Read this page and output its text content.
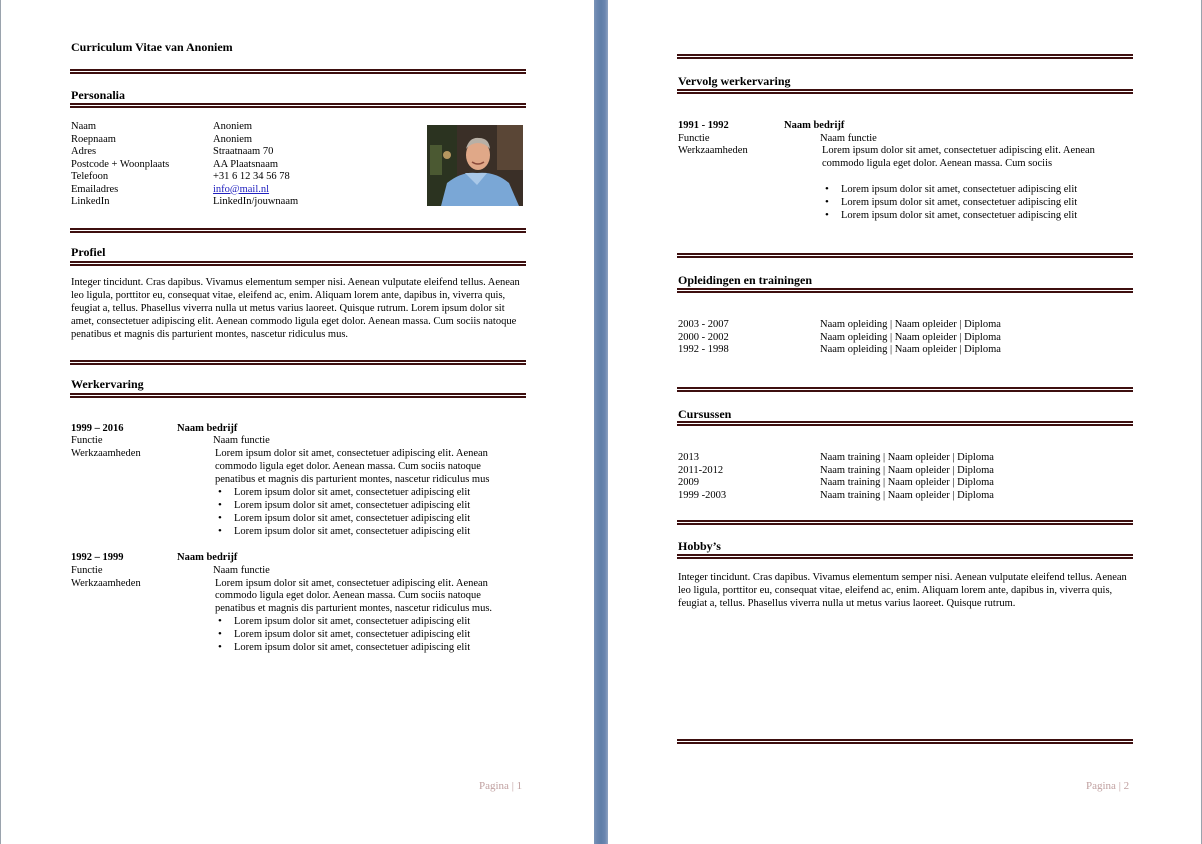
Curriculum Vitae van Anoniem
Personalia
Naam	Anoniem
Roepnaam	Anoniem
Adres	Straatnaam 70
Postcode + Woonplaats	AA Plaatsnaam
Telefoon	+31 6 12 34 56 78
Emailadres	info@mail.nl
LinkedIn	LinkedIn/jouwnaam
Profiel
Integer tincidunt. Cras dapibus. Vivamus elementum semper nisi. Aenean vulputate eleifend tellus. Aenean leo ligula, porttitor eu, consequat vitae, eleifend ac, enim. Aliquam lorem ante, dapibus in, viverra quis, feugiat a, tellus. Phasellus viverra nulla ut metus varius laoreet. Quisque rutrum. Lorem ipsum dolor sit amet, consectetuer adipiscing elit. Aenean commodo ligula eget dolor. Aenean massa. Cum sociis natoque penatibus et magnis dis parturient montes, nascetur ridiculus mus.
Werkervaring
1999 – 2016	Naam bedrijf
Functie	Naam functie
Werkzaamheden	Lorem ipsum dolor sit amet, consectetuer adipiscing elit. Aenean commodo ligula eget dolor. Aenean massa. Cum sociis natoque penatibus et magnis dis parturient montes, nascetur ridiculus mus
• Lorem ipsum dolor sit amet, consectetuer adipiscing elit
• Lorem ipsum dolor sit amet, consectetuer adipiscing elit
• Lorem ipsum dolor sit amet, consectetuer adipiscing elit
• Lorem ipsum dolor sit amet, consectetuer adipiscing elit
1992 – 1999	Naam bedrijf
Functie	Naam functie
Werkzaamheden	Lorem ipsum dolor sit amet, consectetuer adipiscing elit. Aenean commodo ligula eget dolor. Aenean massa. Cum sociis natoque penatibus et magnis dis parturient montes, nascetur ridiculus mus.
• Lorem ipsum dolor sit amet, consectetuer adipiscing elit
• Lorem ipsum dolor sit amet, consectetuer adipiscing elit
• Lorem ipsum dolor sit amet, consectetuer adipiscing elit
Pagina | 1
Vervolg werkervaring
1991 - 1992	Naam bedrijf
Functie	Naam functie
Werkzaamheden	Lorem ipsum dolor sit amet, consectetuer adipiscing elit. Aenean commodo ligula eget dolor. Aenean massa. Cum sociis
• Lorem ipsum dolor sit amet, consectetuer adipiscing elit
• Lorem ipsum dolor sit amet, consectetuer adipiscing elit
• Lorem ipsum dolor sit amet, consectetuer adipiscing elit
Opleidingen en trainingen
2003 - 2007	Naam opleiding | Naam opleider | Diploma
2000 - 2002	Naam opleiding | Naam opleider | Diploma
1992 - 1998	Naam opleiding | Naam opleider | Diploma
Cursussen
2013	Naam training | Naam opleider | Diploma
2011-2012	Naam training | Naam opleider | Diploma
2009	Naam training | Naam opleider | Diploma
1999 -2003	Naam training | Naam opleider | Diploma
Hobby’s
Integer tincidunt. Cras dapibus. Vivamus elementum semper nisi. Aenean vulputate eleifend tellus. Aenean leo ligula, porttitor eu, consequat vitae, eleifend ac, enim. Aliquam lorem ante, dapibus in, viverra quis, feugiat a, tellus. Phasellus viverra nulla ut metus varius laoreet. Quisque rutrum.
Pagina | 2
